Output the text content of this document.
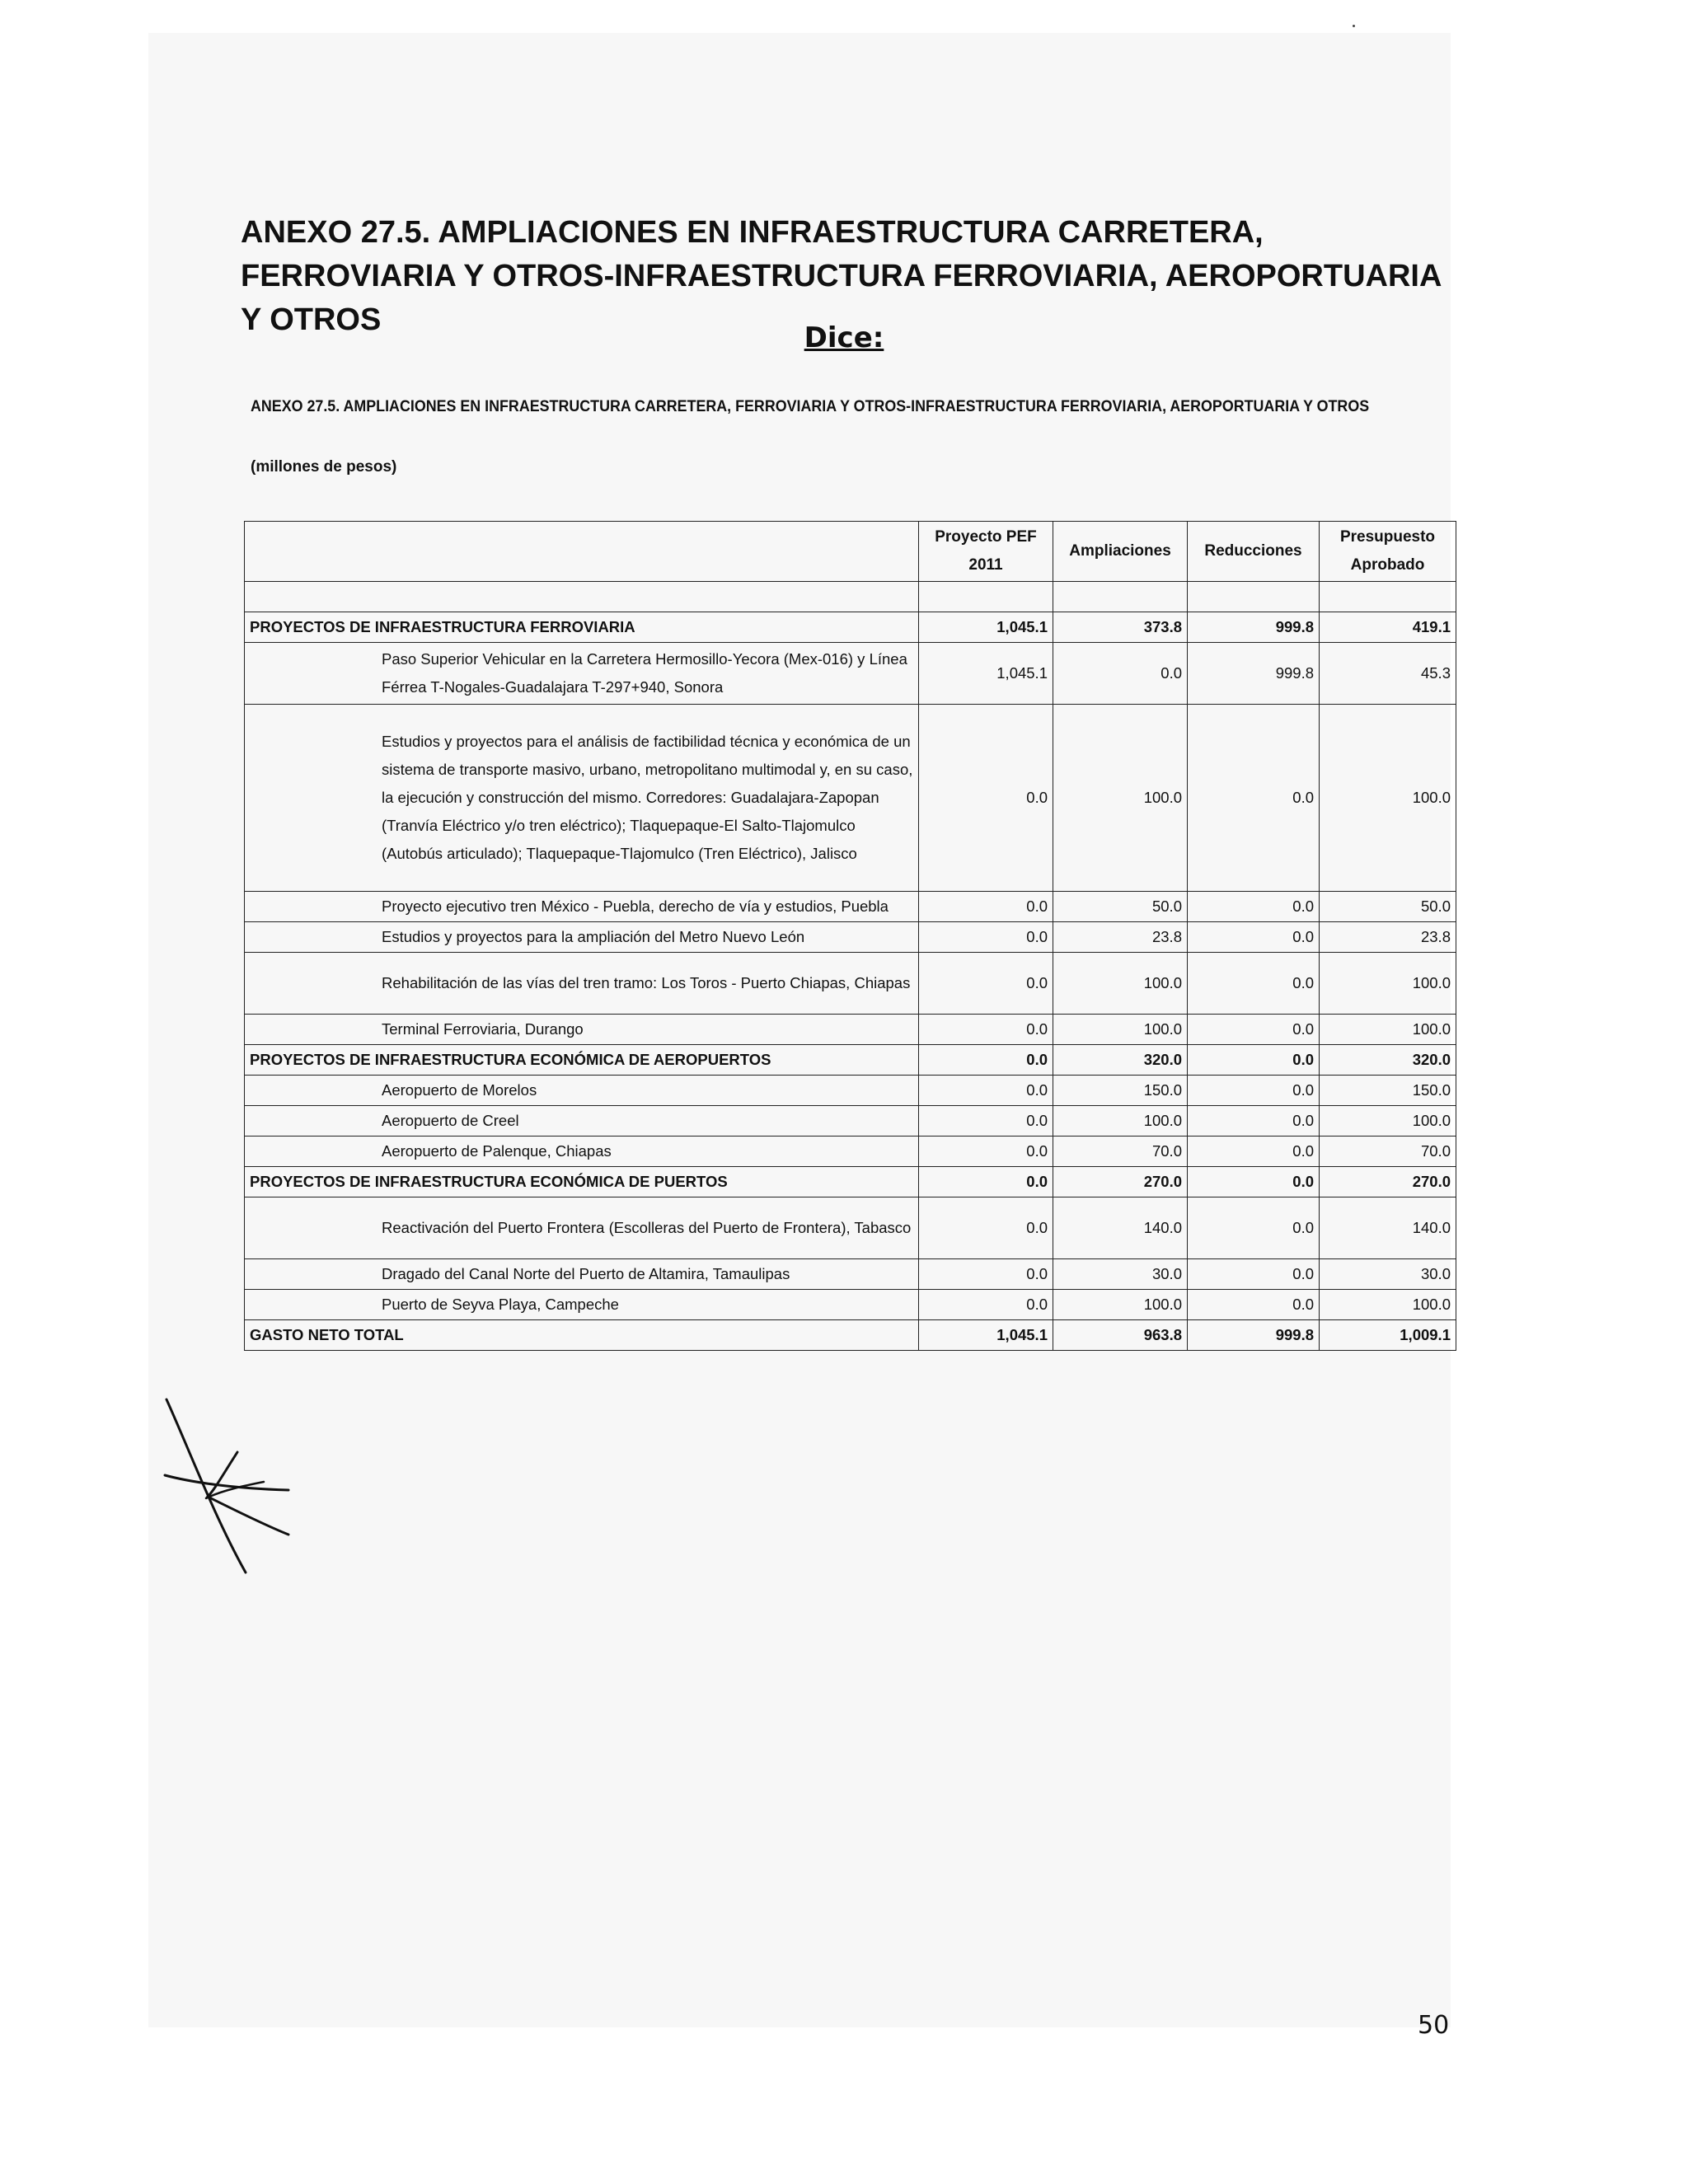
ANEXO 27.5. AMPLIACIONES EN INFRAESTRUCTURA CARRETERA, FERROVIARIA Y OTROS-INFRAESTRUCTURA FERROVIARIA, AEROPORTUARIA Y OTROS
Dice:
ANEXO 27.5. AMPLIACIONES EN INFRAESTRUCTURA CARRETERA, FERROVIARIA Y OTROS-INFRAESTRUCTURA FERROVIARIA, AEROPORTUARIA Y OTROS
(millones de pesos)
	Proyecto PEF 2011	Ampliaciones	Reducciones	Presupuesto Aprobado

PROYECTOS DE INFRAESTRUCTURA FERROVIARIA	1,045.1	373.8	999.8	419.1
Paso Superior Vehicular en la Carretera Hermosillo-Yecora (Mex-016) y Línea Férrea T-Nogales-Guadalajara T-297+940, Sonora	1,045.1	0.0	999.8	45.3
Estudios y proyectos para el análisis de factibilidad técnica y económica de un sistema de transporte masivo, urbano, metropolitano multimodal y, en su caso, la ejecución y construcción del mismo. Corredores: Guadalajara-Zapopan (Tranvía Eléctrico y/o tren eléctrico); Tlaquepaque-El Salto-Tlajomulco (Autobús articulado); Tlaquepaque-Tlajomulco (Tren Eléctrico), Jalisco	0.0	100.0	0.0	100.0
Proyecto ejecutivo tren México - Puebla, derecho de vía y estudios, Puebla	0.0	50.0	0.0	50.0
Estudios y proyectos para la ampliación del Metro Nuevo León	0.0	23.8	0.0	23.8
Rehabilitación de las vías del tren tramo: Los Toros - Puerto Chiapas, Chiapas	0.0	100.0	0.0	100.0
Terminal Ferroviaria, Durango	0.0	100.0	0.0	100.0
PROYECTOS DE INFRAESTRUCTURA ECONÓMICA DE AEROPUERTOS	0.0	320.0	0.0	320.0
Aeropuerto de Morelos	0.0	150.0	0.0	150.0
Aeropuerto de Creel	0.0	100.0	0.0	100.0
Aeropuerto de Palenque, Chiapas	0.0	70.0	0.0	70.0
PROYECTOS DE INFRAESTRUCTURA ECONÓMICA DE PUERTOS	0.0	270.0	0.0	270.0
Reactivación del Puerto Frontera (Escolleras del Puerto de Frontera), Tabasco	0.0	140.0	0.0	140.0
Dragado del Canal Norte del Puerto de Altamira, Tamaulipas	0.0	30.0	0.0	30.0
Puerto de Seyva Playa, Campeche	0.0	100.0	0.0	100.0
GASTO NETO TOTAL	1,045.1	963.8	999.8	1,009.1
50
